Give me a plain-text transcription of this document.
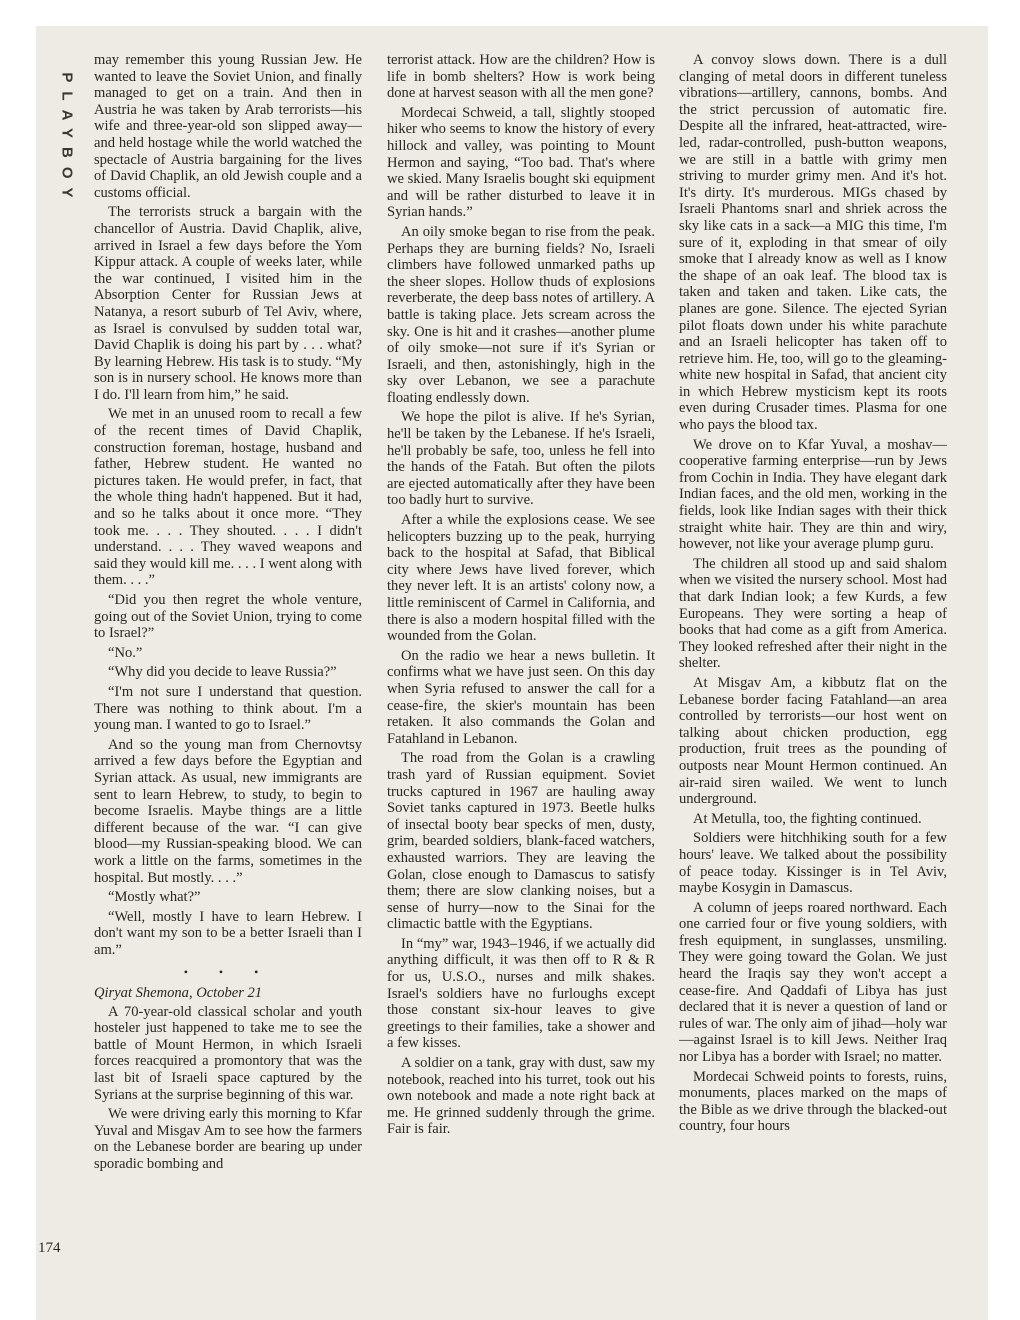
PLAYBOY
174

may remember this young Russian Jew. He wanted to leave the Soviet Union, and finally managed to get on a train. And then in Austria he was taken by Arab terrorists—his wife and three-year-old son slipped away—and held hostage while the world watched the spectacle of Austria bargaining for the lives of David Chaplik, an old Jewish couple and a customs official.

The terrorists struck a bargain with the chancellor of Austria. David Chaplik, alive, arrived in Israel a few days before the Yom Kippur attack. A couple of weeks later, while the war continued, I visited him in the Absorption Center for Russian Jews at Natanya, a resort suburb of Tel Aviv, where, as Israel is convulsed by sudden total war, David Chaplik is doing his part by . . . what? By learning Hebrew. His task is to study. “My son is in nursery school. He knows more than I do. I'll learn from him,” he said.

We met in an unused room to recall a few of the recent times of David Chaplik, construction foreman, hostage, husband and father, Hebrew student. He wanted no pictures taken. He would prefer, in fact, that the whole thing hadn't happened. But it had, and so he talks about it once more. “They took me. . . . They shouted. . . . I didn't understand. . . . They waved weapons and said they would kill me. . . . I went along with them. . . .”

“Did you then regret the whole venture, going out of the Soviet Union, trying to come to Israel?”

“No.”

“Why did you decide to leave Russia?”

“I'm not sure I understand that question. There was nothing to think about. I'm a young man. I wanted to go to Israel.”

And so the young man from Chernovtsy arrived a few days before the Egyptian and Syrian attack. As usual, new immigrants are sent to learn Hebrew, to study, to begin to become Israelis. Maybe things are a little different because of the war. “I can give blood—my Russian-speaking blood. We can work a little on the farms, sometimes in the hospital. But mostly. . . .”

“Mostly what?”

“Well, mostly I have to learn Hebrew. I don't want my son to be a better Israeli than I am.”

• • •

Qiryat Shemona, October 21

A 70-year-old classical scholar and youth hosteler just happened to take me to see the battle of Mount Hermon, in which Israeli forces reacquired a promontory that was the last bit of Israeli space captured by the Syrians at the surprise beginning of this war.

We were driving early this morning to Kfar Yuval and Misgav Am to see how the farmers on the Lebanese border are bearing up under sporadic bombing and

terrorist attack. How are the children? How is life in bomb shelters? How is work being done at harvest season with all the men gone?

Mordecai Schweid, a tall, slightly stooped hiker who seems to know the history of every hillock and valley, was pointing to Mount Hermon and saying, “Too bad. That's where we skied. Many Israelis bought ski equipment and will be rather disturbed to leave it in Syrian hands.”

An oily smoke began to rise from the peak. Perhaps they are burning fields? No, Israeli climbers have followed unmarked paths up the sheer slopes. Hollow thuds of explosions reverberate, the deep bass notes of artillery. A battle is taking place. Jets scream across the sky. One is hit and it crashes—another plume of oily smoke—not sure if it's Syrian or Israeli, and then, astonishingly, high in the sky over Lebanon, we see a parachute floating endlessly down.

We hope the pilot is alive. If he's Syrian, he'll be taken by the Lebanese. If he's Israeli, he'll probably be safe, too, unless he fell into the hands of the Fatah. But often the pilots are ejected automatically after they have been too badly hurt to survive.

After a while the explosions cease. We see helicopters buzzing up to the peak, hurrying back to the hospital at Safad, that Biblical city where Jews have lived forever, which they never left. It is an artists' colony now, a little reminiscent of Carmel in California, and there is also a modern hospital filled with the wounded from the Golan.

On the radio we hear a news bulletin. It confirms what we have just seen. On this day when Syria refused to answer the call for a cease-fire, the skier's mountain has been retaken. It also commands the Golan and Fatahland in Lebanon.

The road from the Golan is a crawling trash yard of Russian equipment. Soviet trucks captured in 1967 are hauling away Soviet tanks captured in 1973. Beetle hulks of insectal booty bear specks of men, dusty, grim, bearded soldiers, blank-faced watchers, exhausted warriors. They are leaving the Golan, close enough to Damascus to satisfy them; there are slow clanking noises, but a sense of hurry—now to the Sinai for the climactic battle with the Egyptians.

In “my” war, 1943–1946, if we actually did anything difficult, it was then off to R & R for us, U.S.O., nurses and milk shakes. Israel's soldiers have no furloughs except those constant six-hour leaves to give greetings to their families, take a shower and a few kisses.

A soldier on a tank, gray with dust, saw my notebook, reached into his turret, took out his own notebook and made a note right back at me. He grinned suddenly through the grime. Fair is fair.

A convoy slows down. There is a dull clanging of metal doors in different tuneless vibrations—artillery, cannons, bombs. And the strict percussion of automatic fire. Despite all the infrared, heat-attracted, wire-led, radar-controlled, push-button weapons, we are still in a battle with grimy men striving to murder grimy men. And it's hot. It's dirty. It's murderous. MIGs chased by Israeli Phantoms snarl and shriek across the sky like cats in a sack—a MIG this time, I'm sure of it, exploding in that smear of oily smoke that I already know as well as I know the shape of an oak leaf. The blood tax is taken and taken and taken. Like cats, the planes are gone. Silence. The ejected Syrian pilot floats down under his white parachute and an Israeli helicopter has taken off to retrieve him. He, too, will go to the gleaming-white new hospital in Safad, that ancient city in which Hebrew mysticism kept its roots even during Crusader times. Plasma for one who pays the blood tax.

We drove on to Kfar Yuval, a moshav—cooperative farming enterprise—run by Jews from Cochin in India. They have elegant dark Indian faces, and the old men, working in the fields, look like Indian sages with their thick straight white hair. They are thin and wiry, however, not like your average plump guru.

The children all stood up and said shalom when we visited the nursery school. Most had that dark Indian look; a few Kurds, a few Europeans. They were sorting a heap of books that had come as a gift from America. They looked refreshed after their night in the shelter.

At Misgav Am, a kibbutz flat on the Lebanese border facing Fatahland—an area controlled by terrorists—our host went on talking about chicken production, egg production, fruit trees as the pounding of outposts near Mount Hermon continued. An air-raid siren wailed. We went to lunch underground.

At Metulla, too, the fighting continued.

Soldiers were hitchhiking south for a few hours' leave. We talked about the possibility of peace today. Kissinger is in Tel Aviv, maybe Kosygin in Damascus.

A column of jeeps roared northward. Each one carried four or five young soldiers, with fresh equipment, in sunglasses, unsmiling. They were going toward the Golan. We just heard the Iraqis say they won't accept a cease-fire. And Qaddafi of Libya has just declared that it is never a question of land or rules of war. The only aim of jihad—holy war—against Israel is to kill Jews. Neither Iraq nor Libya has a border with Israel; no matter.

Mordecai Schweid points to forests, ruins, monuments, places marked on the maps of the Bible as we drive through the blacked-out country, four hours
